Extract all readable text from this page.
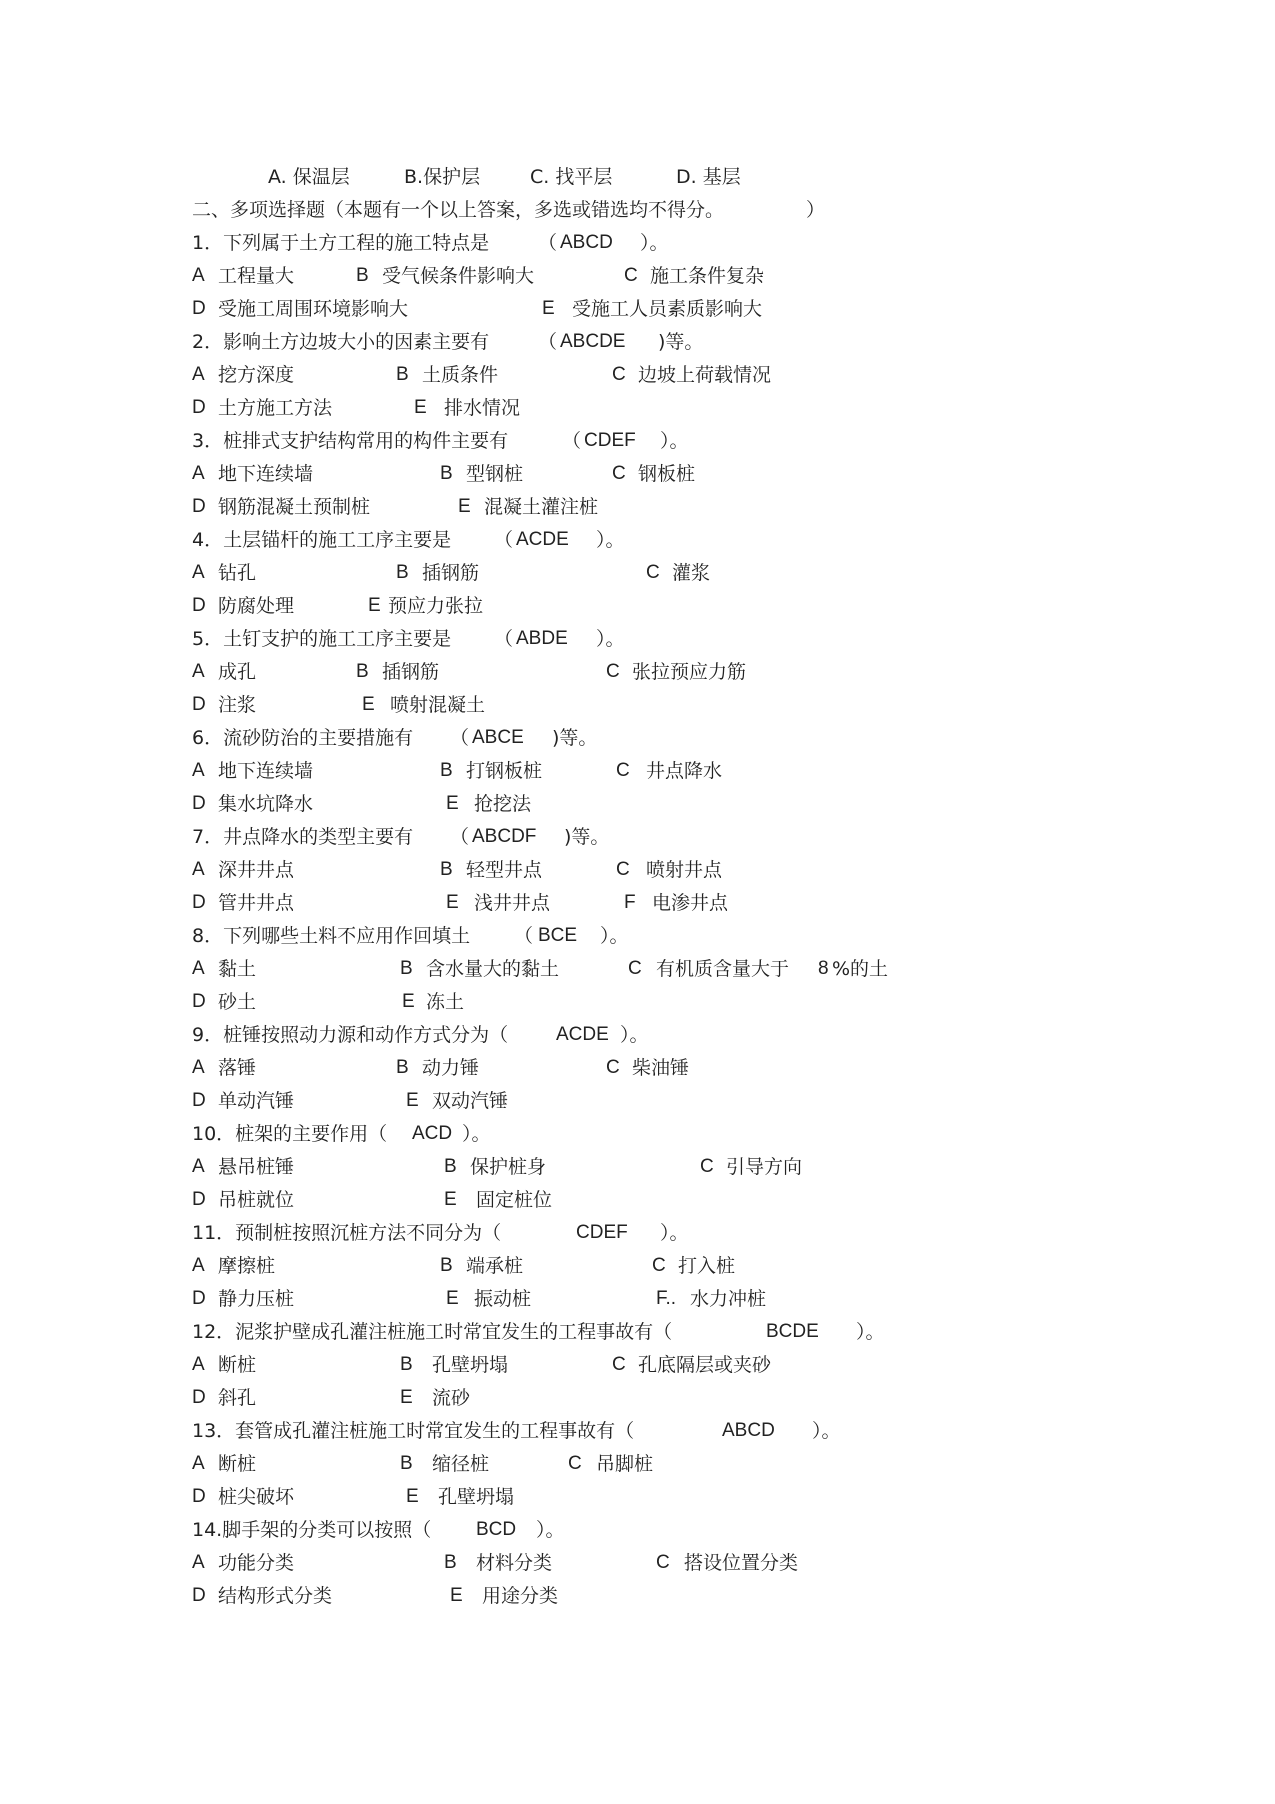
A. 保温层	B.保护层	C. 找平层	D. 基层
二、多项选择题（本题有一个以上答案，多选或错选均不得分。	）
1．下列属于土方工程的施工特点是	（ ABCD ）。
A 工程量大	B 受气候条件影响大	C 施工条件复杂
D 受施工周围环境影响大	E 受施工人员素质影响大
2．影响土方边坡大小的因素主要有	（ ABCDE )等。
A 挖方深度	B 土质条件	C 边坡上荷载情况
D 土方施工方法	E 排水情况
3．桩排式支护结构常用的构件主要有	（ CDEF ）。
A 地下连续墙	B 型钢桩	C 钢板桩
D 钢筋混凝土预制桩	E 混凝土灌注桩
4．土层锚杆的施工工序主要是 （ ACDE ）。
A 钻孔	B 插钢筋	C 灌浆
D 防腐处理	E 预应力张拉
5．土钉支护的施工工序主要是 （ ABDE ）。
A 成孔	B 插钢筋	C 张拉预应力筋
D 注浆	E 喷射混凝土
6．流砂防治的主要措施有 （ ABCE )等。
A 地下连续墙	B 打钢板桩	C 井点降水
D 集水坑降水	E 抢挖法
7．井点降水的类型主要有 （ ABCDF )等。
A 深井井点	B 轻型井点	C 喷射井点
D 管井井点	E 浅井井点	F 电渗井点
8．下列哪些土料不应用作回填土 （ BCE ）。
A 黏土	B 含水量大的黏土	C 有机质含量大于
D 砂土	E 冻土
8 %的土
9．桩锤按照动力源和动作方式分为（	ACDE ）。
A 落锤	B 动力锤	C 柴油锤
D 单动汽锤	E 双动汽锤
10．桩架的主要作用（ ACD ）。
A 悬吊桩锤	B 保护桩身	C 引导方向
D 吊桩就位	E 固定桩位
11．预制桩按照沉桩方法不同分为（	CDEF ）。
A 摩擦桩	B 端承桩	C 打入桩
D 静力压桩	E 振动桩	F.. 水力冲桩
12．泥浆护壁成孔灌注桩施工时常宜发生的工程事故有（	BCDE ）。
A 断桩	B 孔壁坍塌	C 孔底隔层或夹砂
D 斜孔	E 流砂
13．套管成孔灌注桩施工时常宜发生的工程事故有（	ABCD ）。
A 断桩	B 缩径桩	C 吊脚桩
D 桩尖破坏	E 孔壁坍塌
14.脚手架的分类可以按照（ BCD ）。
A 功能分类	B 材料分类	C 搭设位置分类
D 结构形式分类	E 用途分类
